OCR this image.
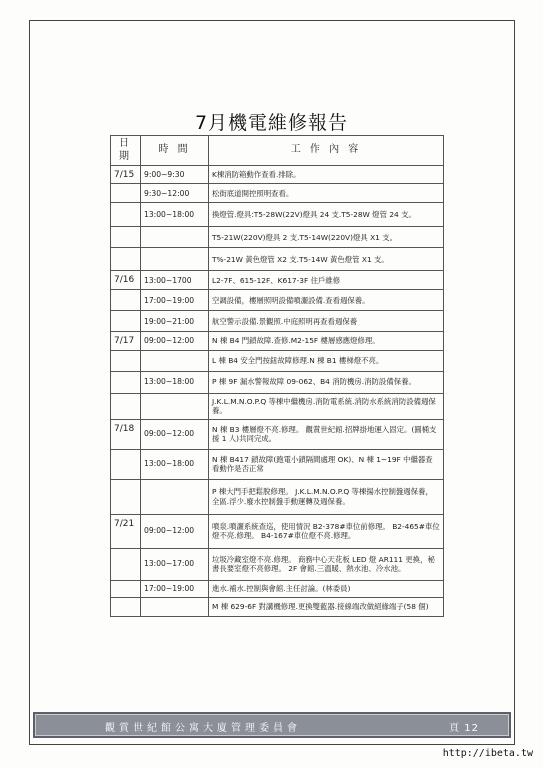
7月機電維修報告
日期	時 間	工 作 內 容
7/15	9:00~9:30	K棟消防箱動作查看.排除。
	9:30~12:00	松街底道開控照明查看。
	13:00~18:00	換燈管.燈具:T5-28W(22V)燈具 24 支.T5-28W 燈管 24 支。
		T5-21W(220V)燈具 2 支.T5-14W(220V)燈具 X1 支。
		T%-21W 黃色燈管 X2 支.T5-14W 黃色燈管 X1 支。
7/16	13:00~1700	L2-7F、615-12F、K617-3F 住戶維修
	17:00~19:00	空調設備，樓層照明設備噴灑設備.查看週保養。
	19:00~21:00	航空警示設備.景觀照.中庭照明再查看週保養
7/17	09:00~12:00	N 棟 B4 門鎖故障.查修.M2-15F 樓層感應燈修理。
		L 棟 B4 安全門按鈕故障修理.N 棟 B1 樓梯燈不亮。
	13:00~18:00	P 棟 9F 漏水警報故障 09-062、B4 消防機房.消防設備保養。
		J.K.L.M.N.O.P.Q 等棟中繼機房.消防電系統.消防水系統消防設備週保養。
7/18	09:00~12:00	N 棟 B3 樓層燈不亮.修理。 觀賞世紀館.招牌掛地運入固定。(圓桶支援 1 人)共同完成。
	13:00~18:00	N 棟 B417 鎖故障(跑電小鎖隔間處理 OK)、N 棟 1~19F 中繼器查看動作是否正常
		P 棟大門手把鬆脫修理。 J.K.L.M.N.O.P.Q 等棟揚水控制盤週保養，全區.浮少.廢水控制盤手動運轉及週保養。
7/21	09:00~12:00	噴泉.噴灑系統查巡，使用情況 B2-378#車位前修理。 B2-465#車位燈不亮.修理。 B4-167#車位燈不亮.修理。
	13:00~17:00	垃圾冷藏室燈不亮.修理。 商務中心天花板 LED 燈 AR111 更換，秘書長要室燈不亮修理。 2F 會館.三溫暖、熱水池、冷水池。
	17:00~19:00	進水.補水.控制與會館.主任討論。(林委員)
		M 棟 629-6F 對講機修理.更換雙藍器.接線端改做絕緣端子(58 個)
觀賞世紀館公寓大廈管理委員會	頁 12
http://ibeta.tw
